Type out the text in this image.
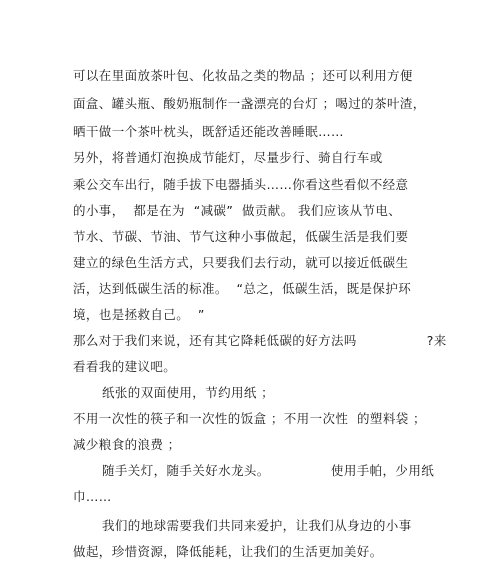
可以在里面放茶叶包、化妆品之类的物品 ；还可以利用方便
面盒、罐头瓶、酸奶瓶制作一盏漂亮的台灯 ；喝过的茶叶渣，
晒干做一个茶叶枕头，既舒适还能改善睡眠……
另外，将普通灯泡换成节能灯，尽量步行、骑自行车或
乘公交车出行，随手拔下电器插头……你看这些看似不经意
的小事，  都是在为  “减碳”  做贡献。 我们应该从节电、
节水、节碳、节油、节气这种小事做起，低碳生活是我们要
建立的绿色生活方式，只要我们去行动，就可以接近低碳生
活，达到低碳生活的标准。  “总之，低碳生活，既是保护环
境，也是拯救自己。  ”
那么对于我们来说，还有其它降耗低碳的好方法吗                ?来
看看我的建议吧。
纸张的双面使用，节约用纸 ；
不用一次性的筷子和一次性的饭盒 ；不用一次性  的塑料袋 ；
减少粮食的浪费 ；
随手关灯，随手关好水龙头。              使用手帕，少用纸
巾……
我们的地球需要我们共同来爱护，让我们从身边的小事
做起，珍惜资源，降低能耗，让我们的生活更加美好。
